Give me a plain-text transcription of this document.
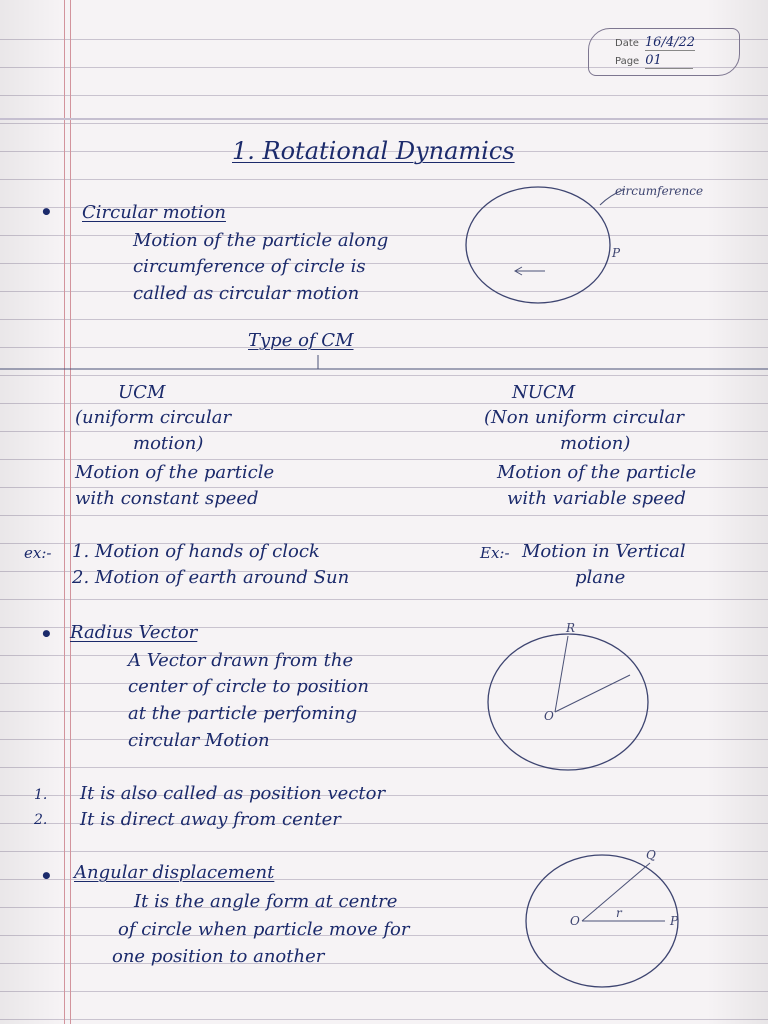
Date 16/4/22
Page 01
1. Rotational Dynamics
• Circular motion
Motion of the particle along
circumference of circle is
called as circular motion
circumference
P
Type of CM
UCM
(uniform circular
motion)
Motion of the particle
with constant speed
NUCM
(Non uniform circular
motion)
Motion of the particle
with variable speed
ex:- 1. Motion of hands of clock
2. Motion of earth around Sun
Ex:- Motion in Vertical
plane
• Radius Vector
A Vector drawn from the
center of circle to position
at the particle perfoming
circular Motion
R
O
1. It is also called as position vector
2. It is direct away from center
• Angular displacement
It is the angle form at centre
of circle when particle move for
one position to another
O
r
P
Q
